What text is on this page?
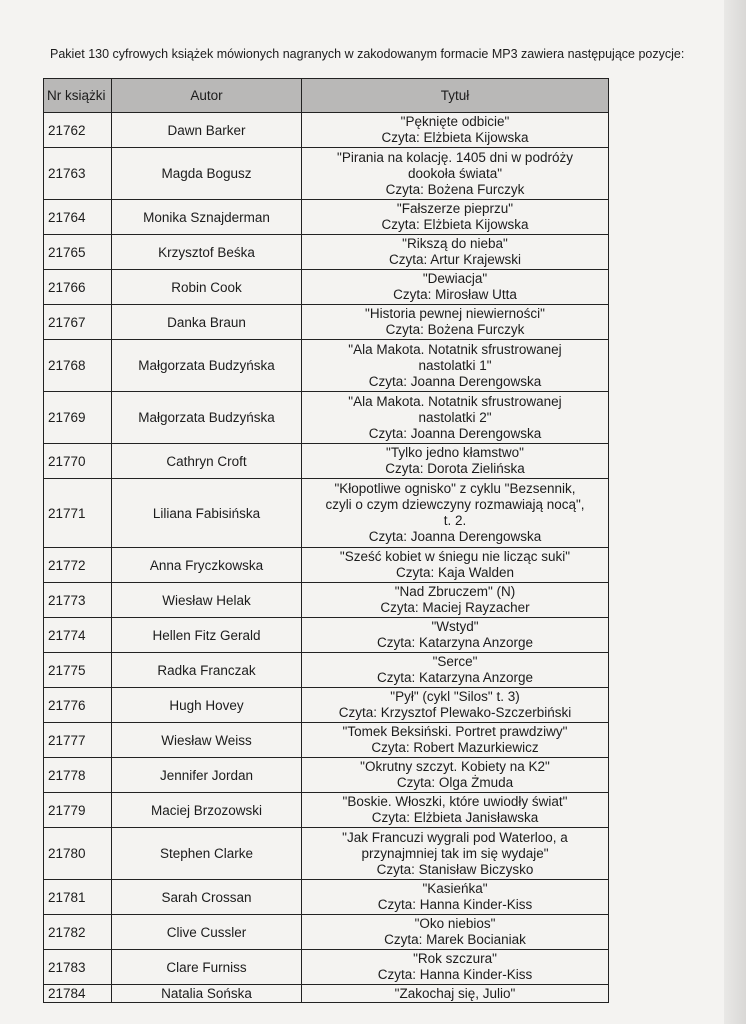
Pakiet 130 cyfrowych książek mówionych nagranych w zakodowanym formacie MP3 zawiera następujące pozycje:
Nr książki	Autor	Tytuł
21762	Dawn Barker	"Pęknięte odbicie"
Czyta: Elżbieta Kijowska

21763	Magda Bogusz	"Pirania na kolację. 1405 dni w podróży
dookoła świata"
Czyta: Bożena Furczyk

21764	Monika Sznajderman	"Fałszerze pieprzu"
Czyta: Elżbieta Kijowska

21765	Krzysztof Beśka	"Rikszą do nieba"
Czyta: Artur Krajewski

21766	Robin Cook	"Dewiacja"
Czyta: Mirosław Utta

21767	Danka Braun	"Historia pewnej niewierności"
Czyta: Bożena Furczyk

21768	Małgorzata Budzyńska	"Ala Makota. Notatnik sfrustrowanej
nastolatki 1"
Czyta: Joanna Derengowska

21769	Małgorzata Budzyńska	"Ala Makota. Notatnik sfrustrowanej
nastolatki 2"
Czyta: Joanna Derengowska

21770	Cathryn Croft	"Tylko jedno kłamstwo"
Czyta: Dorota Zielińska

21771	Liliana Fabisińska	"Kłopotliwe ognisko" z cyklu "Bezsennik,
czyli o czym dziewczyny rozmawiają nocą",
t. 2.
Czyta: Joanna Derengowska

21772	Anna Fryczkowska	"Sześć kobiet w śniegu nie licząc suki"
Czyta: Kaja Walden

21773	Wiesław Helak	"Nad Zbruczem" (N)
Czyta: Maciej Rayzacher

21774	Hellen Fitz Gerald	"Wstyd"
Czyta: Katarzyna Anzorge

21775	Radka Franczak	"Serce"
Czyta: Katarzyna Anzorge

21776	Hugh Hovey	"Pył" (cykl "Silos" t. 3)
Czyta: Krzysztof Plewako-Szczerbiński

21777	Wiesław Weiss	"Tomek Beksiński. Portret prawdziwy"
Czyta: Robert Mazurkiewicz

21778	Jennifer Jordan	"Okrutny szczyt. Kobiety na K2"
Czyta: Olga Żmuda

21779	Maciej Brzozowski	"Boskie. Włoszki, które uwiodły świat"
Czyta: Elżbieta Janisławska

21780	Stephen Clarke	"Jak Francuzi wygrali pod Waterloo, a
przynajmniej tak im się wydaje"
Czyta: Stanisław Biczysko

21781	Sarah Crossan	"Kasieńka"
Czyta: Hanna Kinder-Kiss

21782	Clive Cussler	"Oko niebios"
Czyta: Marek Bocianiak

21783	Clare Furniss	"Rok szczura"
Czyta: Hanna Kinder-Kiss

21784	Natalia Sońska	"Zakochaj się, Julio"
